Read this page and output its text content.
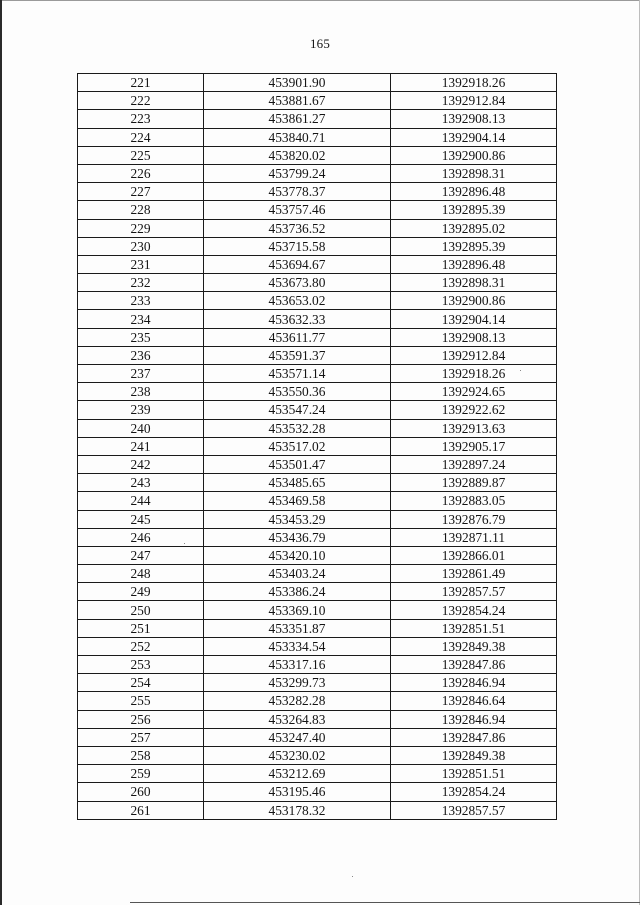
165
221	453901.90	1392918.26
222	453881.67	1392912.84
223	453861.27	1392908.13
224	453840.71	1392904.14
225	453820.02	1392900.86
226	453799.24	1392898.31
227	453778.37	1392896.48
228	453757.46	1392895.39
229	453736.52	1392895.02
230	453715.58	1392895.39
231	453694.67	1392896.48
232	453673.80	1392898.31
233	453653.02	1392900.86
234	453632.33	1392904.14
235	453611.77	1392908.13
236	453591.37	1392912.84
237	453571.14	1392918.26
238	453550.36	1392924.65
239	453547.24	1392922.62
240	453532.28	1392913.63
241	453517.02	1392905.17
242	453501.47	1392897.24
243	453485.65	1392889.87
244	453469.58	1392883.05
245	453453.29	1392876.79
246	453436.79	1392871.11
247	453420.10	1392866.01
248	453403.24	1392861.49
249	453386.24	1392857.57
250	453369.10	1392854.24
251	453351.87	1392851.51
252	453334.54	1392849.38
253	453317.16	1392847.86
254	453299.73	1392846.94
255	453282.28	1392846.64
256	453264.83	1392846.94
257	453247.40	1392847.86
258	453230.02	1392849.38
259	453212.69	1392851.51
260	453195.46	1392854.24
261	453178.32	1392857.57
